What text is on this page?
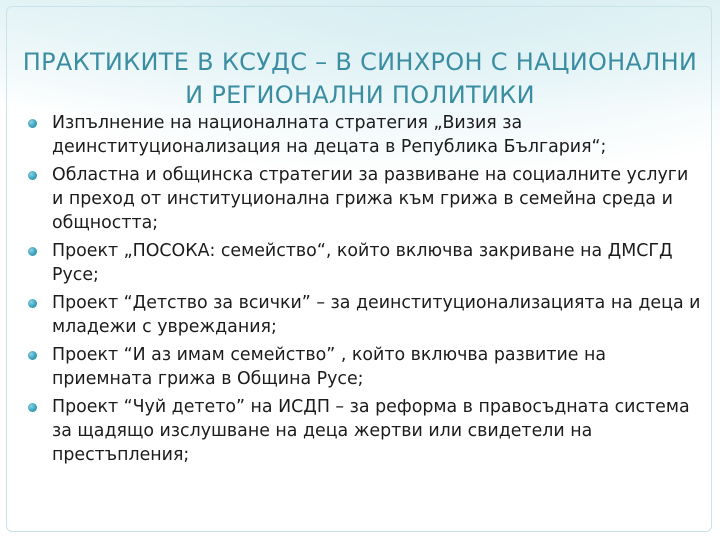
ПРАКТИКИТЕ В КСУДС – В СИНХРОН С НАЦИОНАЛНИ
И РЕГИОНАЛНИ ПОЛИТИКИ
Изпълнение на националната стратегия „Визия за
деинституционализация на децата в Република България“;
Областна и общинска стратегии за развиване на социалните услуги
и преход от институционална грижа към грижа в семейна среда и
общността;
Проект „ПОСОКА: семейство“, който включва закриване на ДМСГД
Русе;
Проект “Детство за всички” – за деинституционализацията на деца и
младежи с увреждания;
Проект “И аз имам семейство” , който включва развитие на
приемната грижа в Община Русе;
Проект “Чуй детето” на ИСДП – за реформа в правосъдната система
за щадящо изслушване на деца жертви или свидетели на
престъпления;
